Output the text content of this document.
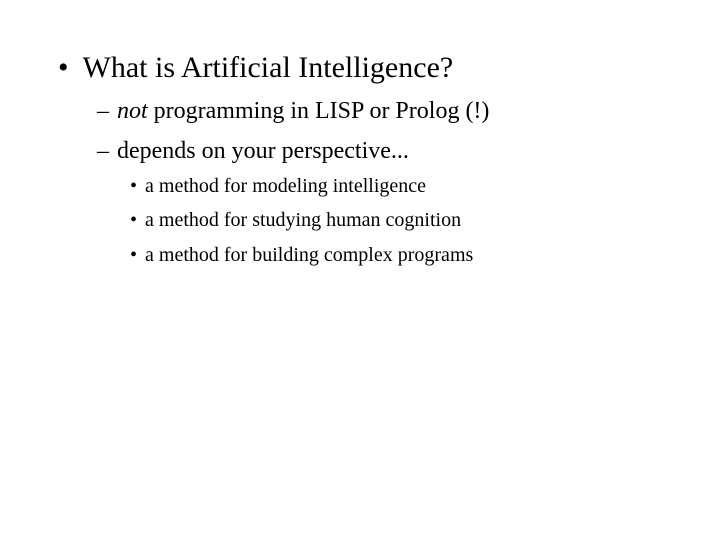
• What is Artificial Intelligence?
– not programming in LISP or Prolog (!)
– depends on your perspective...
• a method for modeling intelligence
• a method for studying human cognition
• a method for building complex programs
